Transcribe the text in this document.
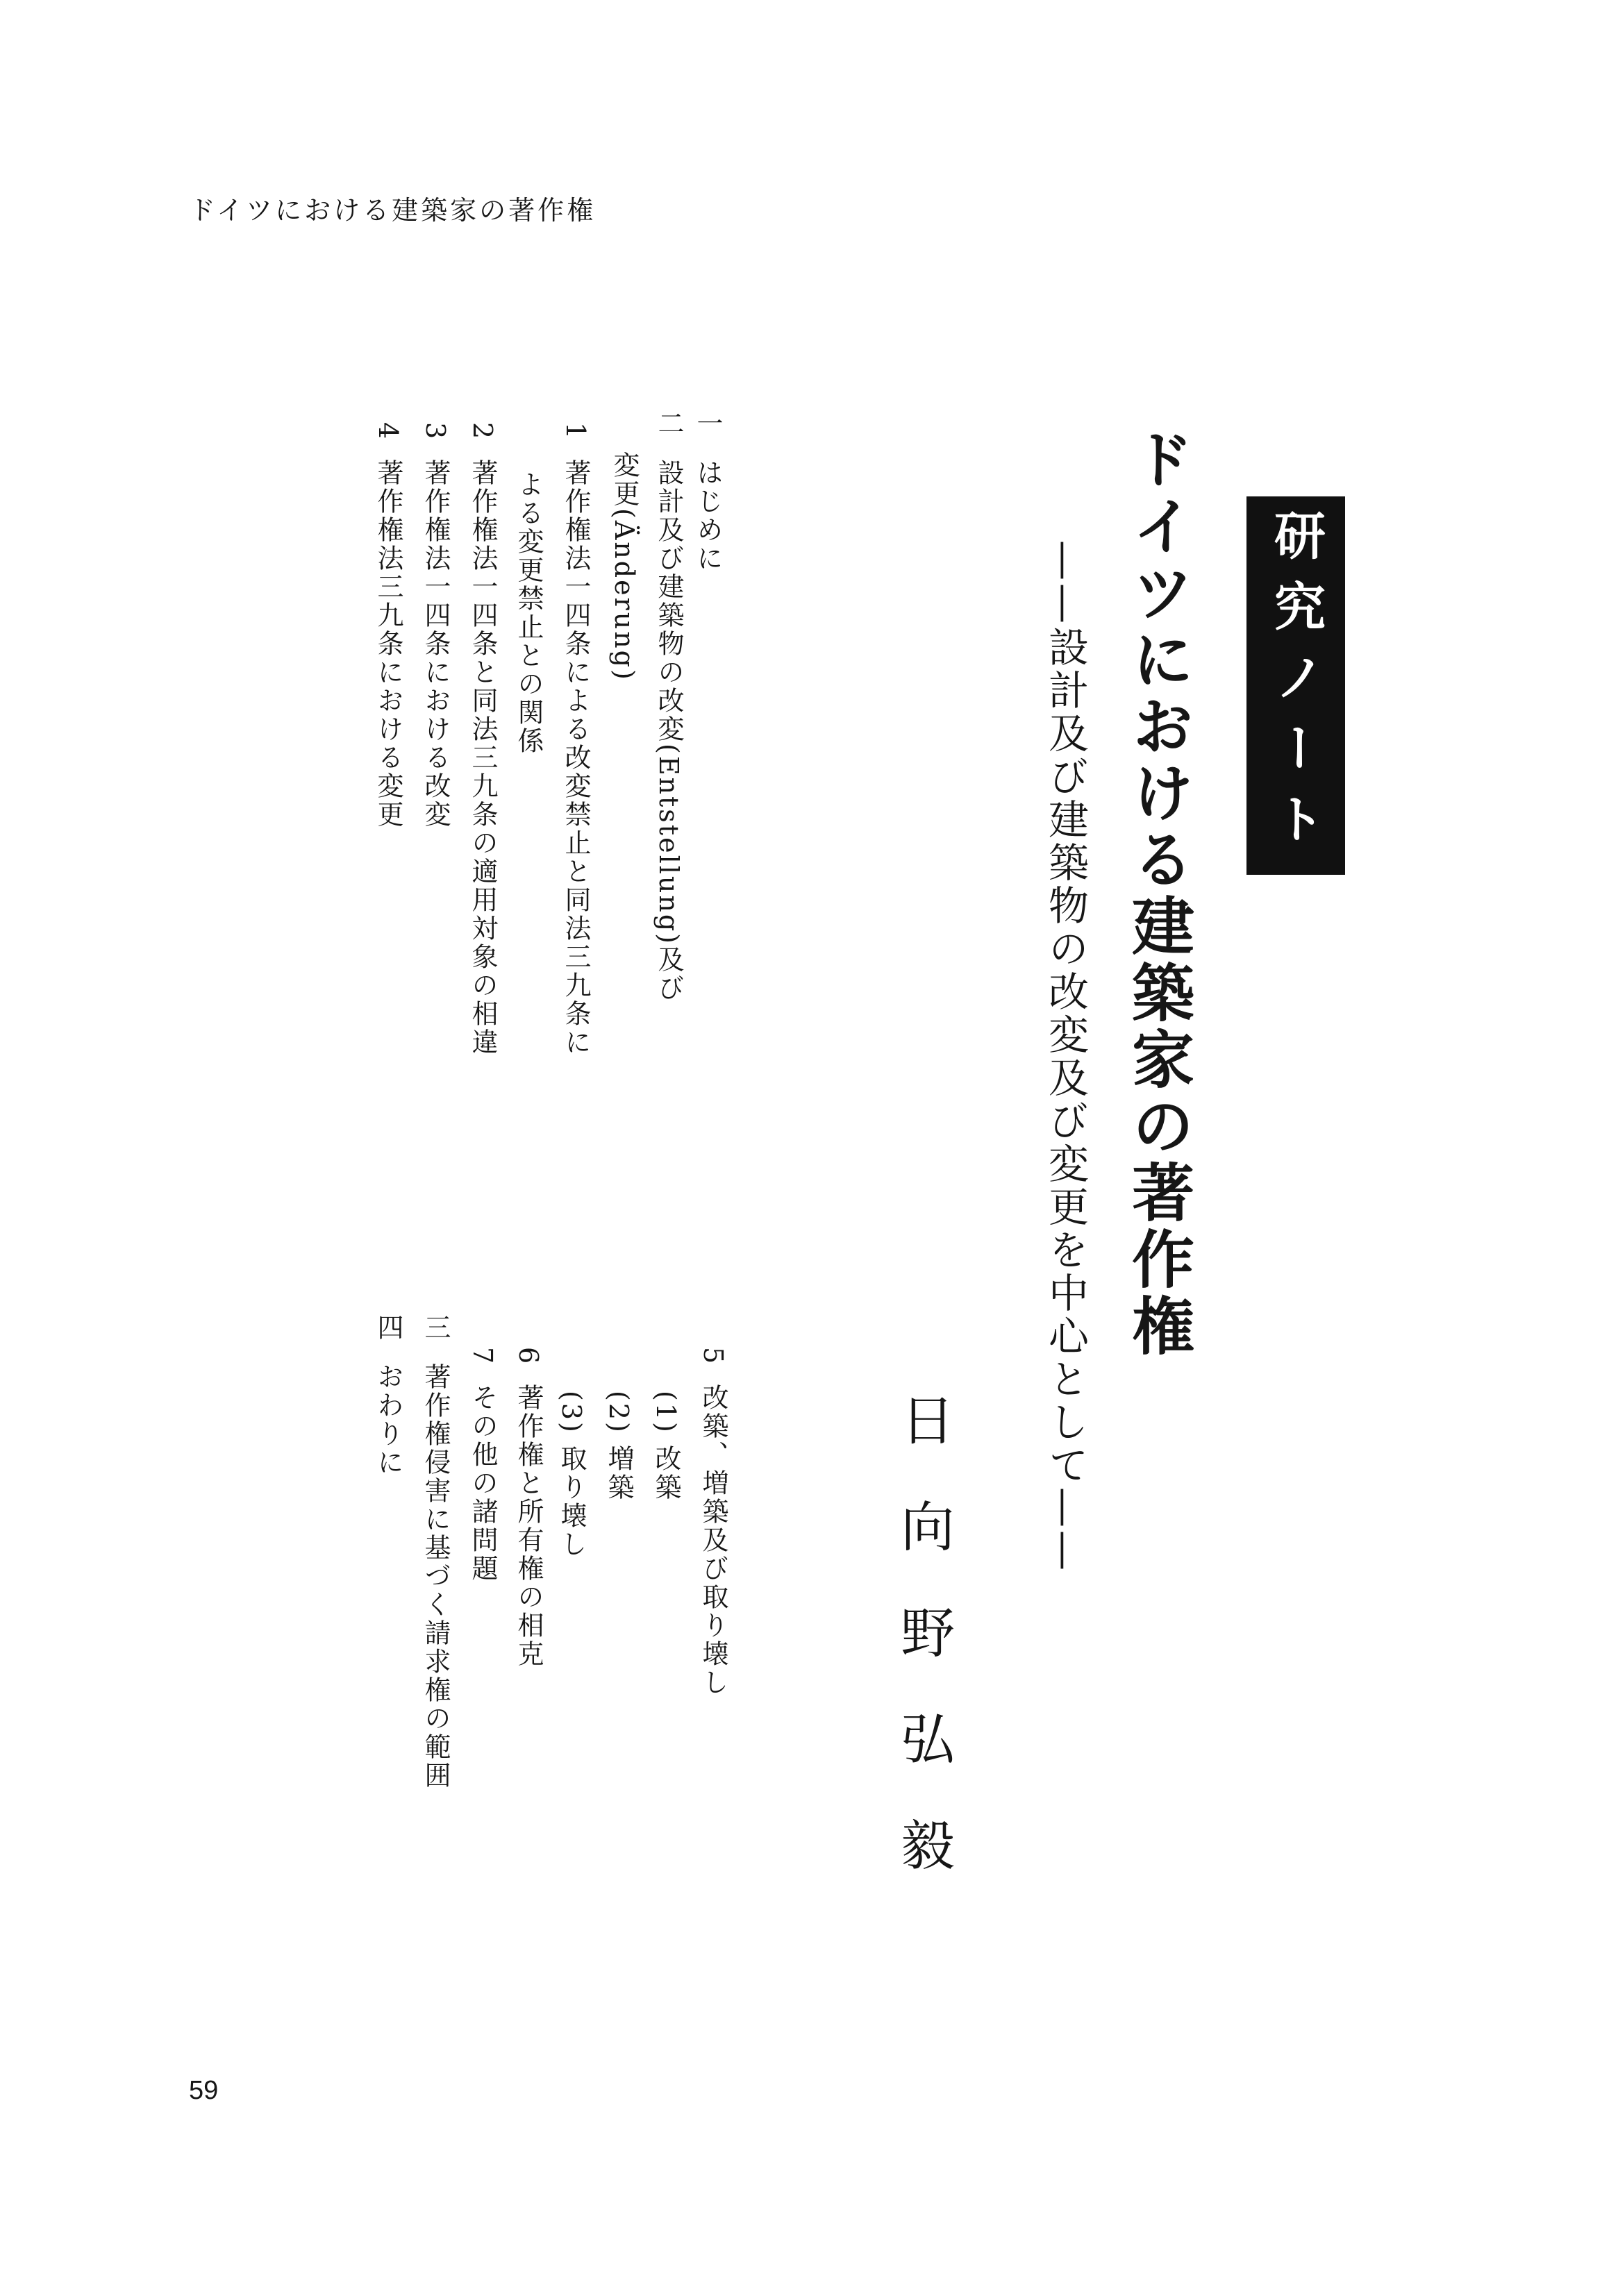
ドイツにおける建築家の著作権
研究ノート
ドイツにおける建築家の著作権
——設計及び建築物の改変及び変更を中心として——
日向野弘毅
一はじめに
二設計及び建築物の改変(Entstellung)及び
変更(Änderung)
1著作権法一四条による改変禁止と同法三九条に
よる変更禁止との関係
2著作権法一四条と同法三九条の適用対象の相違
3著作権法一四条における改変
4著作権法三九条における変更
5改築、増築及び取り壊し
(1) 改築
(2) 増築
(3) 取り壊し
6著作権と所有権の相克
7その他の諸問題
三著作権侵害に基づく請求権の範囲
四おわりに
59
